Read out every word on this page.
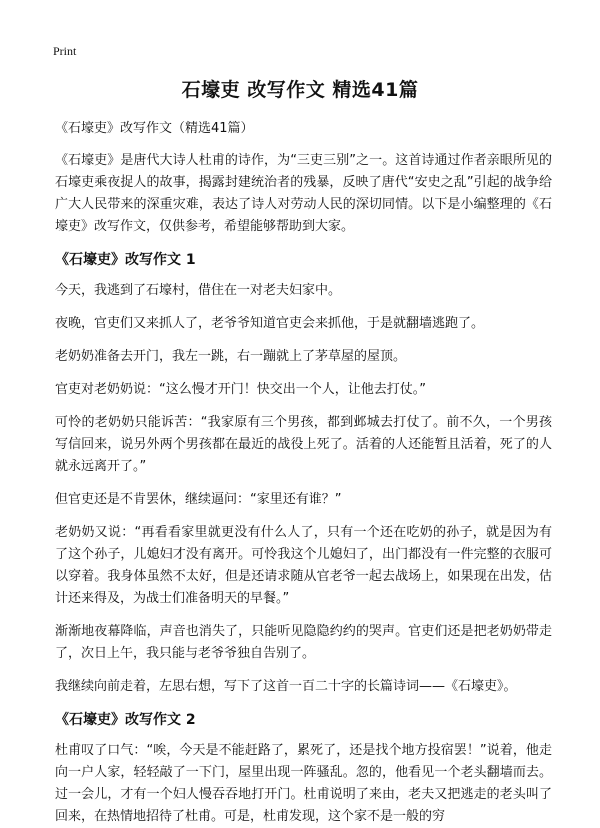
Print
石壕吏 改写作文 精选41篇

《石壕吏》改写作文（精选41篇）

《石壕吏》是唐代大诗人杜甫的诗作，为“三吏三别”之一。这首诗通过作者亲眼所见的石壕吏乘夜捉人的故事，揭露封建统治者的残暴，反映了唐代“安史之乱”引起的战争给广大人民带来的深重灾难，表达了诗人对劳动人民的深切同情。以下是小编整理的《石壕吏》改写作文，仅供参考，希望能够帮助到大家。

《石壕吏》改写作文 1

今天，我逃到了石壕村，借住在一对老夫妇家中。

夜晚，官吏们又来抓人了，老爷爷知道官吏会来抓他，于是就翻墙逃跑了。

老奶奶准备去开门，我左一跳，右一蹦就上了茅草屋的屋顶。

官吏对老奶奶说：“这么慢才开门！快交出一个人，让他去打仗。”

可怜的老奶奶只能诉苦：“我家原有三个男孩，都到邺城去打仗了。前不久，一个男孩写信回来，说另外两个男孩都在最近的战役上死了。活着的人还能暂且活着，死了的人就永远离开了。”

但官吏还是不肯罢休，继续逼问：“家里还有谁？”

老奶奶又说：“再看看家里就更没有什么人了，只有一个还在吃奶的孙子，就是因为有了这个孙子，儿媳妇才没有离开。可怜我这个儿媳妇了，出门都没有一件完整的衣服可以穿着。我身体虽然不太好，但是还请求随从官老爷一起去战场上，如果现在出发，估计还来得及，为战士们准备明天的早餐。”

渐渐地夜幕降临，声音也消失了，只能听见隐隐约约的哭声。官吏们还是把老奶奶带走了，次日上午，我只能与老爷爷独自告别了。

我继续向前走着，左思右想，写下了这首一百二十字的长篇诗词——《石壕吏》。

《石壕吏》改写作文 2

杜甫叹了口气：“唉，今天是不能赶路了，累死了，还是找个地方投宿罢！”说着，他走向一户人家，轻轻敲了一下门，屋里出现一阵骚乱。忽的，他看见一个老头翻墙而去。过一会儿，才有一个妇人慢吞吞地打开门。杜甫说明了来由，老夫又把逃走的老头叫了回来，在热情地招待了杜甫。可是，杜甫发现，这个家不是一般的穷
